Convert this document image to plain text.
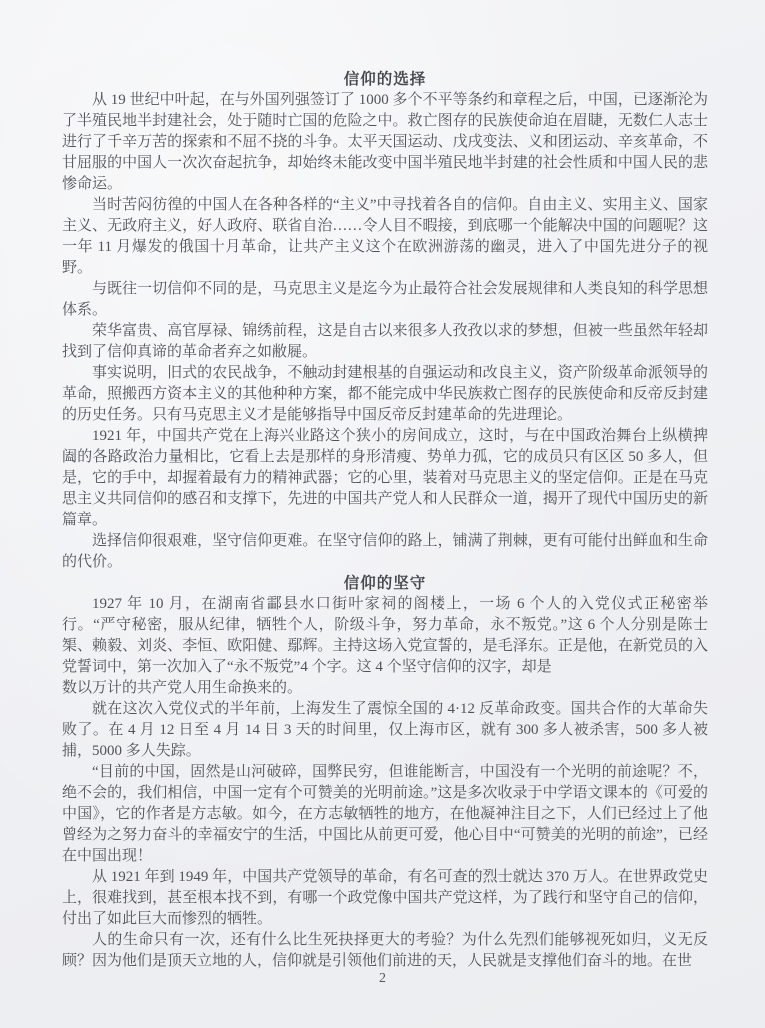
信仰的选择

从 19 世纪中叶起，在与外国列强签订了 1000 多个不平等条约和章程之后，中国，已逐渐沦为了半殖民地半封建社会，处于随时亡国的危险之中。救亡图存的民族使命迫在眉睫，无数仁人志士进行了千辛万苦的探索和不屈不挠的斗争。太平天国运动、戊戌变法、义和团运动、辛亥革命，不甘屈服的中国人一次次奋起抗争，却始终未能改变中国半殖民地半封建的社会性质和中国人民的悲惨命运。

当时苦闷彷徨的中国人在各种各样的“主义”中寻找着各自的信仰。自由主义、实用主义、国家主义、无政府主义，好人政府、联省自治……令人目不暇接，到底哪一个能解决中国的问题呢？这一年 11 月爆发的俄国十月革命，让共产主义这个在欧洲游荡的幽灵，进入了中国先进分子的视野。

与既往一切信仰不同的是，马克思主义是迄今为止最符合社会发展规律和人类良知的科学思想体系。

荣华富贵、高官厚禄、锦绣前程，这是自古以来很多人孜孜以求的梦想，但被一些虽然年轻却找到了信仰真谛的革命者弃之如敝屣。

事实说明，旧式的农民战争，不触动封建根基的自强运动和改良主义，资产阶级革命派领导的革命，照搬西方资本主义的其他种种方案，都不能完成中华民族救亡图存的民族使命和反帝反封建的历史任务。只有马克思主义才是能够指导中国反帝反封建革命的先进理论。

1921 年，中国共产党在上海兴业路这个狭小的房间成立，这时，与在中国政治舞台上纵横捭阖的各路政治力量相比，它看上去是那样的身形清瘦、势单力孤，它的成员只有区区 50 多人，但是，它的手中，却握着最有力的精神武器；它的心里，装着对马克思主义的坚定信仰。正是在马克思主义共同信仰的感召和支撑下，先进的中国共产党人和人民群众一道，揭开了现代中国历史的新篇章。

选择信仰很艰难，坚守信仰更难。在坚守信仰的路上，铺满了荆棘，更有可能付出鲜血和生命的代价。

信仰的坚守

1927 年 10 月，在湖南省酃县水口街叶家祠的阁楼上，一场 6 个人的入党仪式正秘密举行。“严守秘密，服从纪律，牺牲个人，阶级斗争，努力革命，永不叛党。”这 6 个人分别是陈士榘、赖毅、刘炎、李恒、欧阳健、鄢辉。主持这场入党宣誓的，是毛泽东。正是他，在新党员的入党誓词中，第一次加入了“永不叛党”4 个字。这 4 个坚守信仰的汉字，却是

数以万计的共产党人用生命换来的。

就在这次入党仪式的半年前，上海发生了震惊全国的 4·12 反革命政变。国共合作的大革命失败了。在 4 月 12 日至 4 月 14 日 3 天的时间里，仅上海市区，就有 300 多人被杀害，500 多人被捕，5000 多人失踪。

“目前的中国，固然是山河破碎，国弊民穷，但谁能断言，中国没有一个光明的前途呢？不，绝不会的，我们相信，中国一定有个可赞美的光明前途。”这是多次收录于中学语文课本的《可爱的中国》，它的作者是方志敏。如今，在方志敏牺牲的地方，在他凝神注目之下，人们已经过上了他曾经为之努力奋斗的幸福安宁的生活，中国比从前更可爱，他心目中“可赞美的光明的前途”，已经在中国出现！

从 1921 年到 1949 年，中国共产党领导的革命，有名可查的烈士就达 370 万人。在世界政党史上，很难找到，甚至根本找不到，有哪一个政党像中国共产党这样，为了践行和坚守自己的信仰，付出了如此巨大而惨烈的牺牲。

人的生命只有一次，还有什么比生死抉择更大的考验？为什么先烈们能够视死如归，义无反顾？因为他们是顶天立地的人，信仰就是引领他们前进的天，人民就是支撑他们奋斗的地。在世

2
